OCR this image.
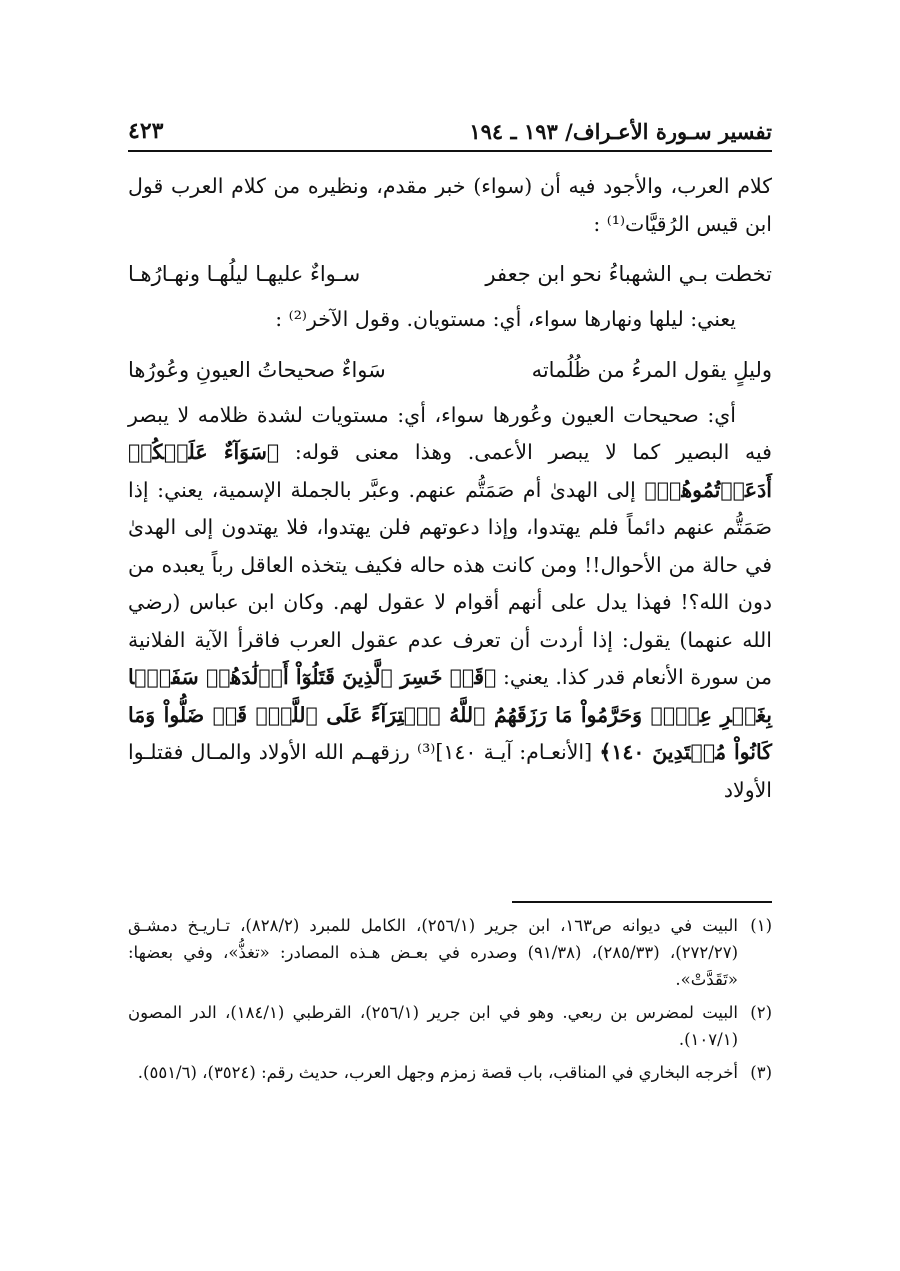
تفسير سـورة الأعـراف/ ١٩٣ ـ ١٩٤
٤٢٣

كلام العرب، والأجود فيه أن (سواء) خبر مقدم، ونظيره من كلام العرب قول ابن قيس الرُقيَّات⁽¹⁾ :

تخطت بـي الشهباءُ نحو ابن جعفر
سـواءٌ عليهـا ليلُهـا ونهـارُهـا

يعني: ليلها ونهارها سواء، أي: مستويان. وقول الآخر⁽²⁾ :

وليلٍ يقول المرءُ من ظُلُماته
سَواءٌ صحيحاتُ العيونِ وعُورُها

أي: صحيحات العيون وعُورها سواء، أي: مستويات لشدة ظلامه لا يبصر فيه البصير كما لا يبصر الأعمى. وهذا معنى قوله: ﴿سَوَآءٌ عَلَيۡكُمۡ أَدَعَوۡتُمُوهُمۡ﴾ إلى الهدىٰ أم صَمَتُّم عنهم. وعبَّر بالجملة الإسمية، يعني: إذا صَمَتُّم عنهم دائماً فلم يهتدوا، وإذا دعوتهم فلن يهتدوا، فلا يهتدون إلى الهدىٰ في حالة من الأحوال!! ومن كانت هذه حاله فكيف يتخذه العاقل رباً يعبده من دون الله؟! فهذا يدل على أنهم أقوام لا عقول لهم. وكان ابن عباس (رضي الله عنهما) يقول: إذا أردت أن تعرف عدم عقول العرب فاقرأ الآية الفلانية من سورة الأنعام قدر كذا. يعني: ﴿قَدۡ خَسِرَ ٱلَّذِينَ قَتَلُوٓاْ أَوۡلَٰدَهُمۡ سَفَهَۢا بِغَيۡرِ عِلۡمٖ وَحَرَّمُواْ مَا رَزَقَهُمُ ٱللَّهُ ٱفۡتِرَآءً عَلَى ٱللَّهِۚ قَدۡ ضَلُّواْ وَمَا كَانُواْ مُهۡتَدِينَ ١٤٠﴾ [الأنعـام: آيـة ١٤٠]⁽³⁾ رزقهـم الله الأولاد والمـال فقتلـوا الأولاد

(١)
البيت في ديوانه ص١٦٣، ابن جرير (٢٥٦/١)، الكامل للمبرد (٨٢٨/٢)، تـاريـخ دمشـق (٢٧٢/٢٧)، (٢٨٥/٣٣)، (٩١/٣٨) وصدره في بعـض هـذه المصادر: «تغذُّ»، وفي بعضها: «تَقَدَّتْ».
(٢)
البيت لمضرس بن ربعي. وهو في ابن جرير (٢٥٦/١)، القرطبي (١٨٤/١)، الدر المصون (١٠٧/١).
(٣)
أخرجه البخاري في المناقب، باب قصة زمزم وجهل العرب، حديث رقم: (٣٥٢٤)، (٥٥١/٦).
